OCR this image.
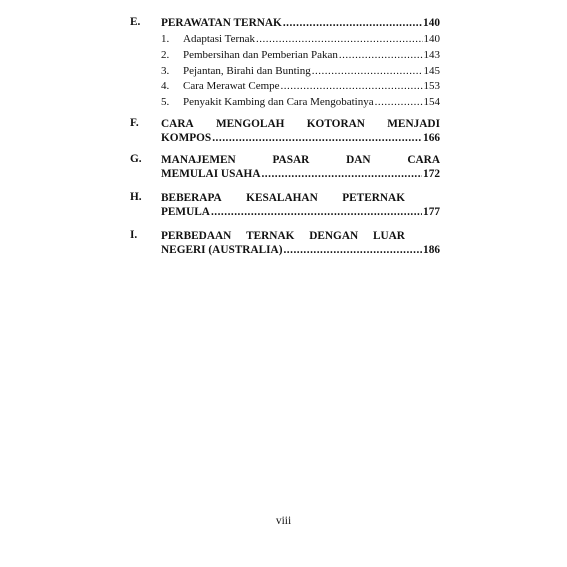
E. PERAWATAN TERNAK .....	140
1.	Adaptasi Ternak .....	140
2.	Pembersihan dan Pemberian Pakan .....	143
3.	Pejantan, Birahi dan Bunting .....	145
4.	Cara Merawat Cempe .....	153
5.	Penyakit Kambing dan Cara Mengobatinya .....	154
F. CARA MENGOLAH KOTORAN MENJADI
KOMPOS .....	166
G. MANAJEMEN	PASAR	DAN	CARA
MEMULAI USAHA .....	172
H. BEBERAPA KESALAHAN PETERNAK
PEMULA .....	177
I. PERBEDAAN TERNAK DENGAN LUAR
NEGERI (AUSTRALIA) .....	186
viii
